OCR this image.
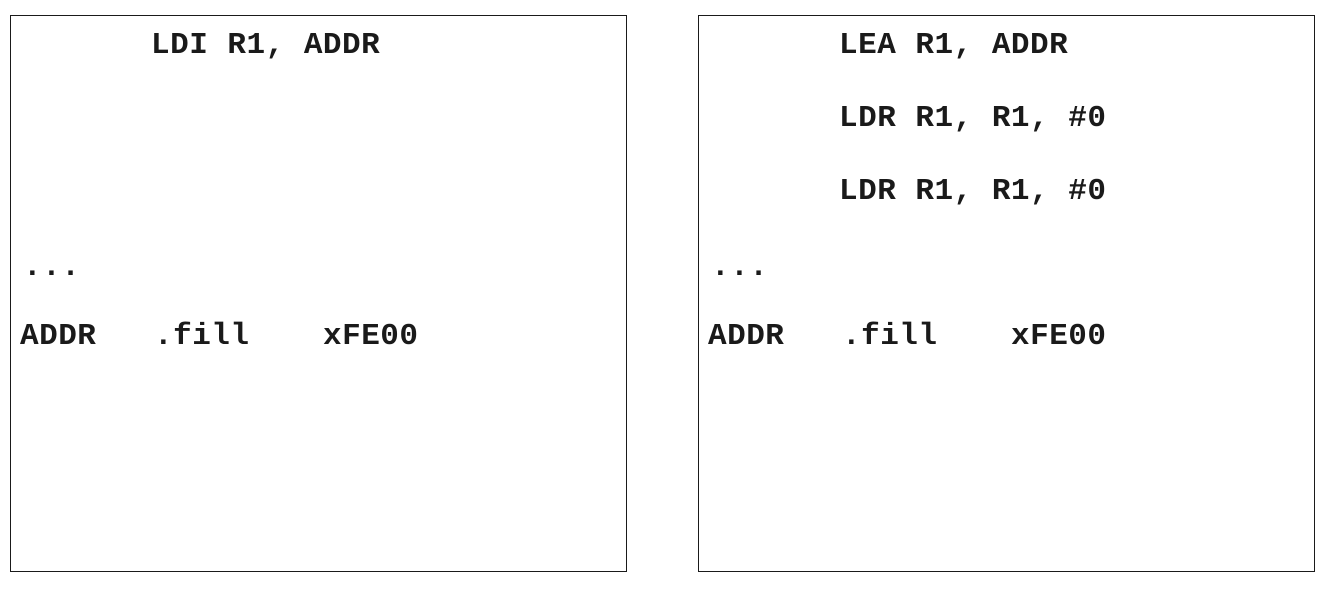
LDI R1, ADDR
...
ADDR .fill xFE00
LEA R1, ADDR
LDR R1, R1, #0
LDR R1, R1, #0
...
ADDR .fill xFE00
